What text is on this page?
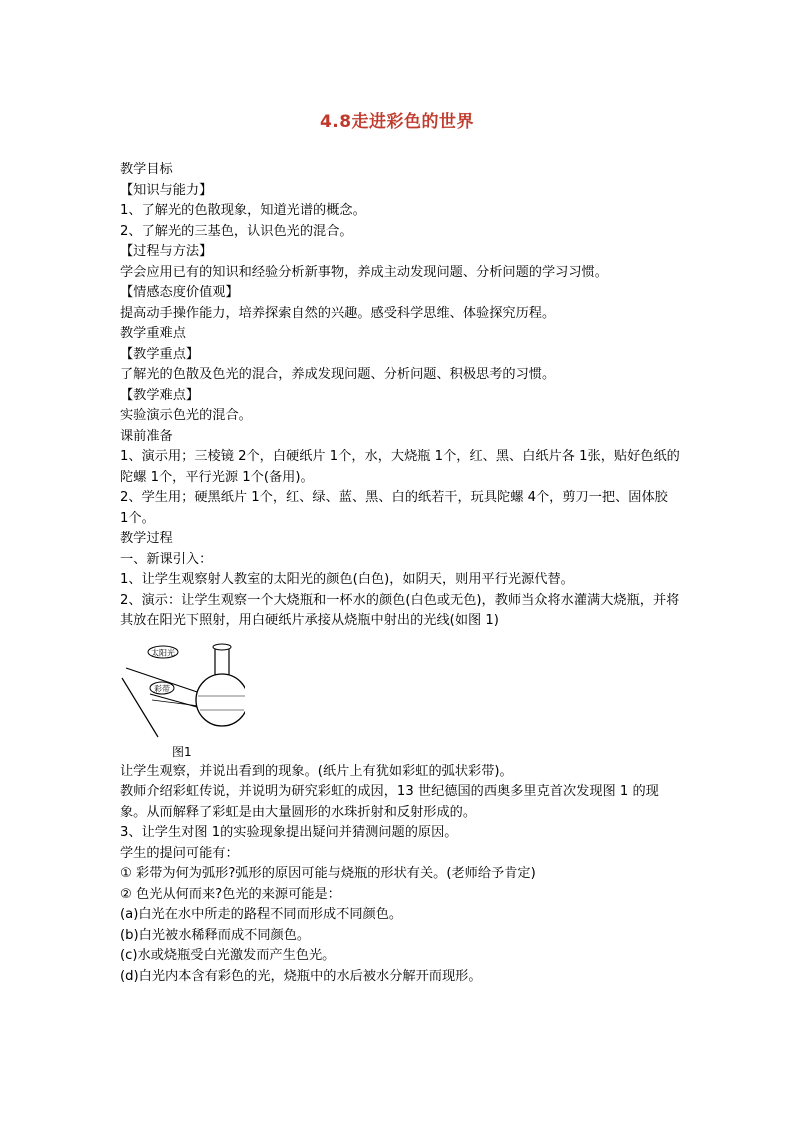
4.8走进彩色的世界

教学目标

【知识与能力】

1、了解光的色散现象，知道光谱的概念。

2、了解光的三基色，认识色光的混合。

【过程与方法】

学会应用已有的知识和经验分析新事物，养成主动发现问题、分析问题的学习习惯。

【情感态度价值观】

提高动手操作能力，培养探索自然的兴趣。感受科学思维、体验探究历程。

教学重难点

【教学重点】

了解光的色散及色光的混合，养成发现问题、分析问题、积极思考的习惯。

【教学难点】

实验演示色光的混合。

课前准备

1、演示用；三棱镜 2个，白硬纸片 1个，水，大烧瓶 1个，红、黑、白纸片各 1张，贴好色纸的陀螺 1个，平行光源 1个(备用)。

2、学生用；硬黑纸片 1个，红、绿、蓝、黑、白的纸若干，玩具陀螺 4个，剪刀一把、固体胶 1个。

教学过程

一、新课引入：

1、让学生观察射人教室的太阳光的颜色(白色)，如阴天，则用平行光源代替。

2、演示：让学生观察一个大烧瓶和一杯水的颜色(白色或无色)，教师当众将水灌满大烧瓶，并将其放在阳光下照射，用白硬纸片承接从烧瓶中射出的光线(如图 1)

太阳光
彩带
图1

让学生观察，并说出看到的现象。(纸片上有犹如彩虹的弧状彩带)。

教师介绍彩虹传说，并说明为研究彩虹的成因，13 世纪德国的西奥多里克首次发现图 1 的现象。从而解释了彩虹是由大量圆形的水珠折射和反射形成的。

3、让学生对图 1的实验现象提出疑问并猜测问题的原因。

学生的提问可能有：

① 彩带为何为弧形?弧形的原因可能与烧瓶的形状有关。(老师给予肯定)

② 色光从何而来?色光的来源可能是：

(a)白光在水中所走的路程不同而形成不同颜色。

(b)白光被水稀释而成不同颜色。

(c)水或烧瓶受白光激发而产生色光。

(d)白光内本含有彩色的光，烧瓶中的水后被水分解开而现形。
